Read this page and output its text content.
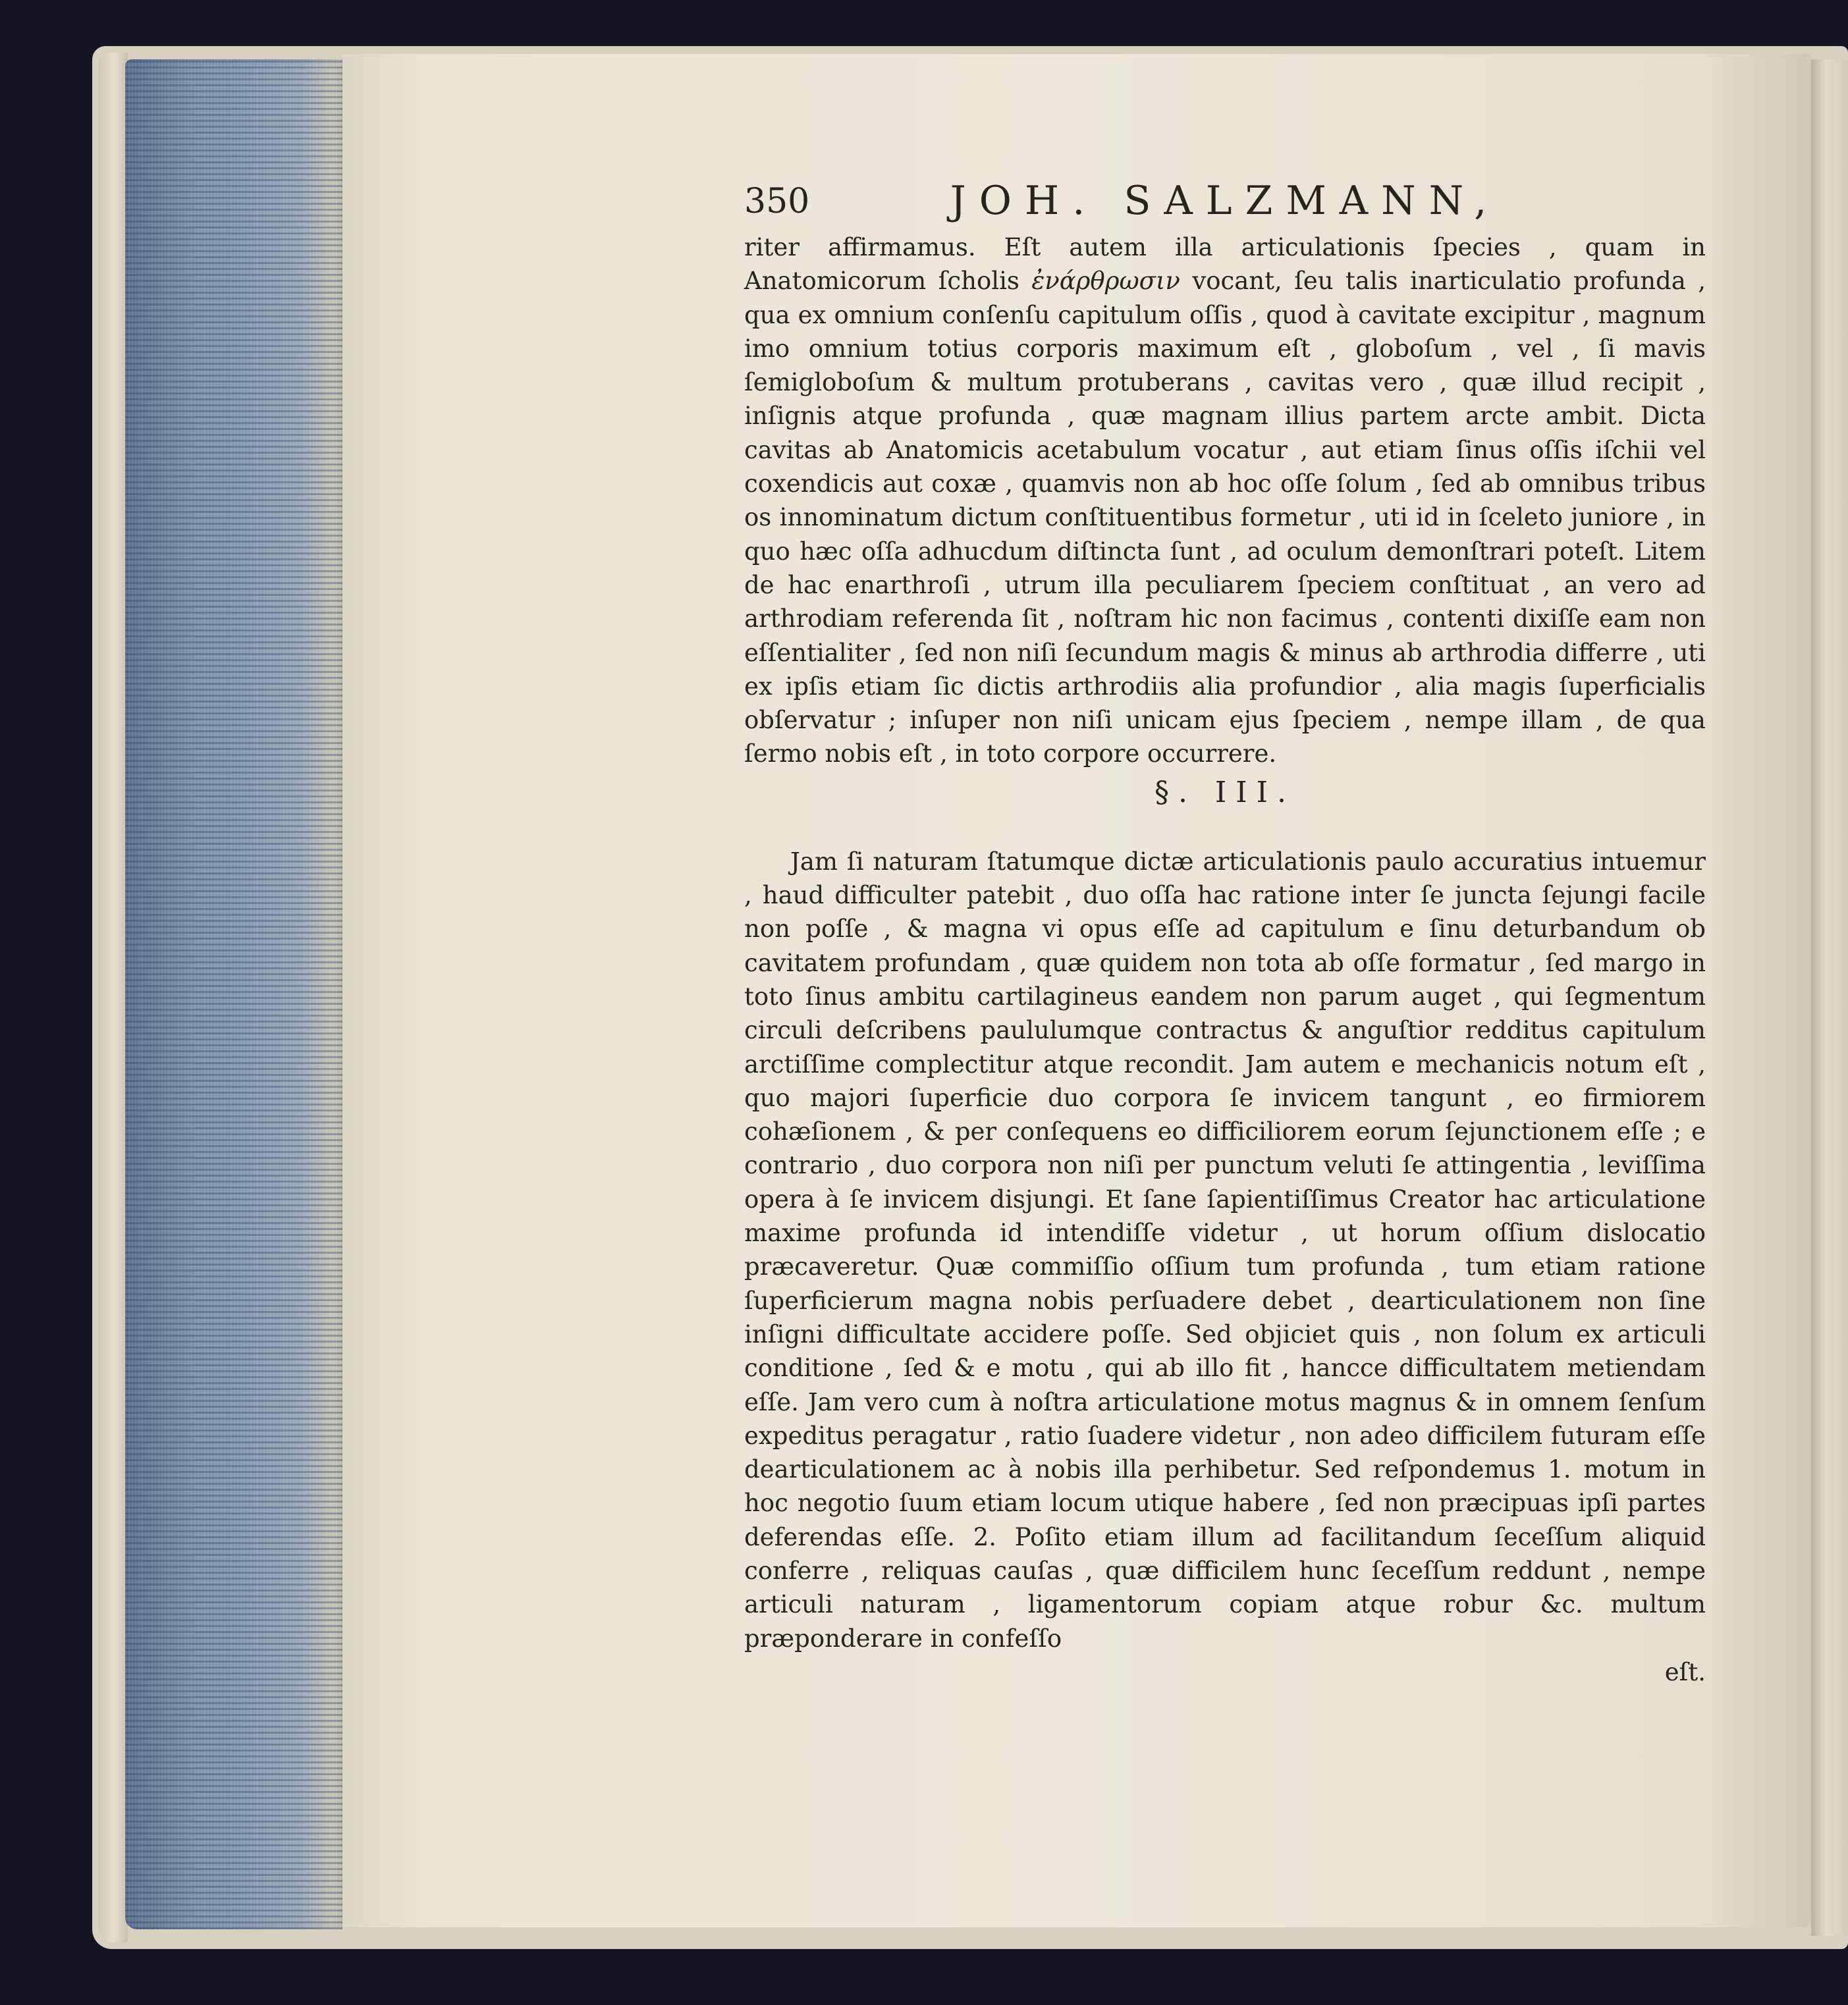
350	JOH. SALZMANN,

riter affirmamus. Eſt autem illa articulationis ſpecies , quam in Anatomicorum ſcholis ἐνάρθρωσιν vocant, ſeu talis inarticulatio profunda , qua ex omnium conſenſu capitulum oſſis , quod à cavitate excipitur , magnum imo omnium totius corporis maximum eſt , globoſum , vel , ſi mavis ſemigloboſum & multum protuberans , cavitas vero , quæ illud recipit , inſignis atque profunda , quæ magnam illius partem arcte ambit. Dicta cavitas ab Anatomicis acetabulum vocatur , aut etiam ſinus oſſis iſchii vel coxendicis aut coxæ , quamvis non ab hoc oſſe ſolum , ſed ab omnibus tribus os innominatum dictum conſtituentibus formetur , uti id in ſceleto juniore , in quo hæc oſſa adhucdum diſtincta ſunt , ad oculum demonſtrari poteſt. Litem de hac enarthroſi , utrum illa peculiarem ſpeciem conſtituat , an vero ad arthrodiam referenda ſit , noſtram hic non facimus , contenti dixiſſe eam non eſſentialiter , ſed non niſi ſecundum magis & minus ab arthrodia differre , uti ex ipſis etiam ſic dictis arthrodiis alia profundior , alia magis ſuperficialis obſervatur ; inſuper non niſi unicam ejus ſpeciem , nempe illam , de qua ſermo nobis eſt , in toto corpore occurrere.

§. III.

Jam ſi naturam ſtatumque dictæ articulationis paulo accuratius intuemur , haud difficulter patebit , duo oſſa hac ratione inter ſe juncta ſejungi facile non poſſe , & magna vi opus eſſe ad capitulum e ſinu deturbandum ob cavitatem profundam , quæ quidem non tota ab oſſe formatur , ſed margo in toto ſinus ambitu cartilagineus eandem non parum auget , qui ſegmentum circuli deſcribens paululumque contractus & anguſtior redditus capitulum arctiſſime complectitur atque recondit. Jam autem e mechanicis notum eſt , quo majori ſuperficie duo corpora ſe invicem tangunt , eo firmiorem cohæſionem , & per conſequens eo difficiliorem eorum ſejunctionem eſſe ; e contrario , duo corpora non niſi per punctum veluti ſe attingentia , leviſſima opera à ſe invicem disjungi. Et ſane ſapientiſſimus Creator hac articulatione maxime profunda id intendiſſe videtur , ut horum oſſium dislocatio præcaveretur. Quæ commiſſio oſſium tum profunda , tum etiam ratione ſuperficierum magna nobis perſuadere debet , dearticulationem non ſine inſigni difficultate accidere poſſe. Sed objiciet quis , non ſolum ex articuli conditione , ſed & e motu , qui ab illo fit , hancce difficultatem metiendam eſſe. Jam vero cum à noſtra articulatione motus magnus & in omnem ſenſum expeditus peragatur , ratio ſuadere videtur , non adeo difficilem futuram eſſe dearticulationem ac à nobis illa perhibetur. Sed reſpondemus 1. motum in hoc negotio ſuum etiam locum utique habere , ſed non præcipuas ipſi partes deferendas eſſe. 2. Poſito etiam illum ad facilitandum ſeceſſum aliquid conferre , reliquas cauſas , quæ difficilem hunc ſeceſſum reddunt , nempe articuli naturam , ligamentorum copiam atque robur &c. multum præponderare in confeſſo

eſt.
